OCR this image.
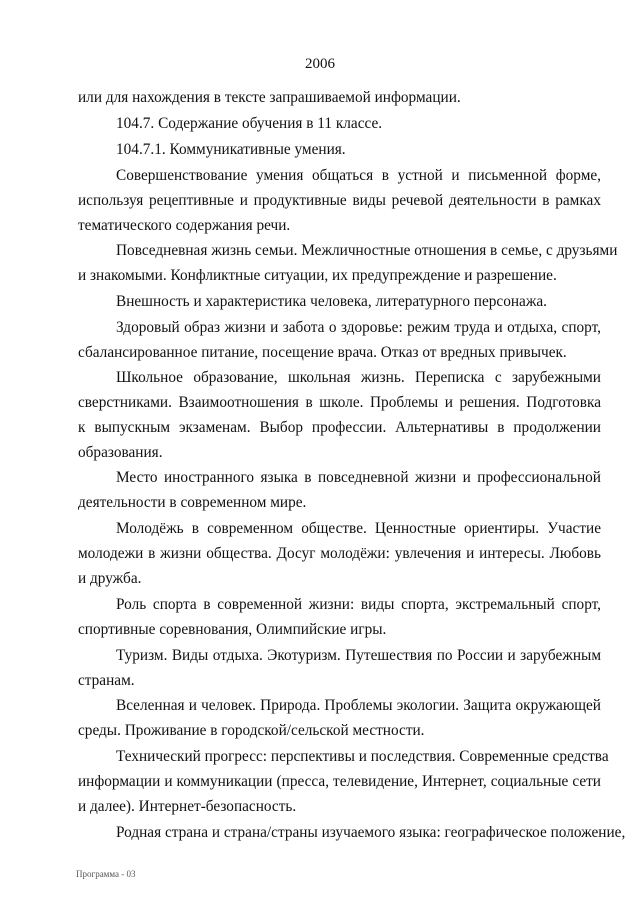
2006
или для нахождения в тексте запрашиваемой информации.
104.7. Содержание обучения в 11 классе.
104.7.1. Коммуникативные умения.
Совершенствование умения общаться в устной и письменной форме,
используя рецептивные и продуктивные виды речевой деятельности в рамках
тематического содержания речи.
Повседневная жизнь семьи. Межличностные отношения в семье, с друзьями
и знакомыми. Конфликтные ситуации, их предупреждение и разрешение.
Внешность и характеристика человека, литературного персонажа.
Здоровый образ жизни и забота о здоровье: режим труда и отдыха, спорт,
сбалансированное питание, посещение врача. Отказ от вредных привычек.
Школьное образование, школьная жизнь. Переписка с зарубежными
сверстниками. Взаимоотношения в школе. Проблемы и решения. Подготовка
к выпускным экзаменам. Выбор профессии. Альтернативы в продолжении
образования.
Место иностранного языка в повседневной жизни и профессиональной
деятельности в современном мире.
Молодёжь в современном обществе. Ценностные ориентиры. Участие
молодежи в жизни общества. Досуг молодёжи: увлечения и интересы. Любовь
и дружба.
Роль спорта в современной жизни: виды спорта, экстремальный спорт,
спортивные соревнования, Олимпийские игры.
Туризм. Виды отдыха. Экотуризм. Путешествия по России и зарубежным
странам.
Вселенная и человек. Природа. Проблемы экологии. Защита окружающей
среды. Проживание в городской/сельской местности.
Технический прогресс: перспективы и последствия. Современные средства
информации и коммуникации (пресса, телевидение, Интернет, социальные сети
и далее). Интернет-безопасность.
Родная страна и страна/страны изучаемого языка: географическое положение,
Программа - 03
